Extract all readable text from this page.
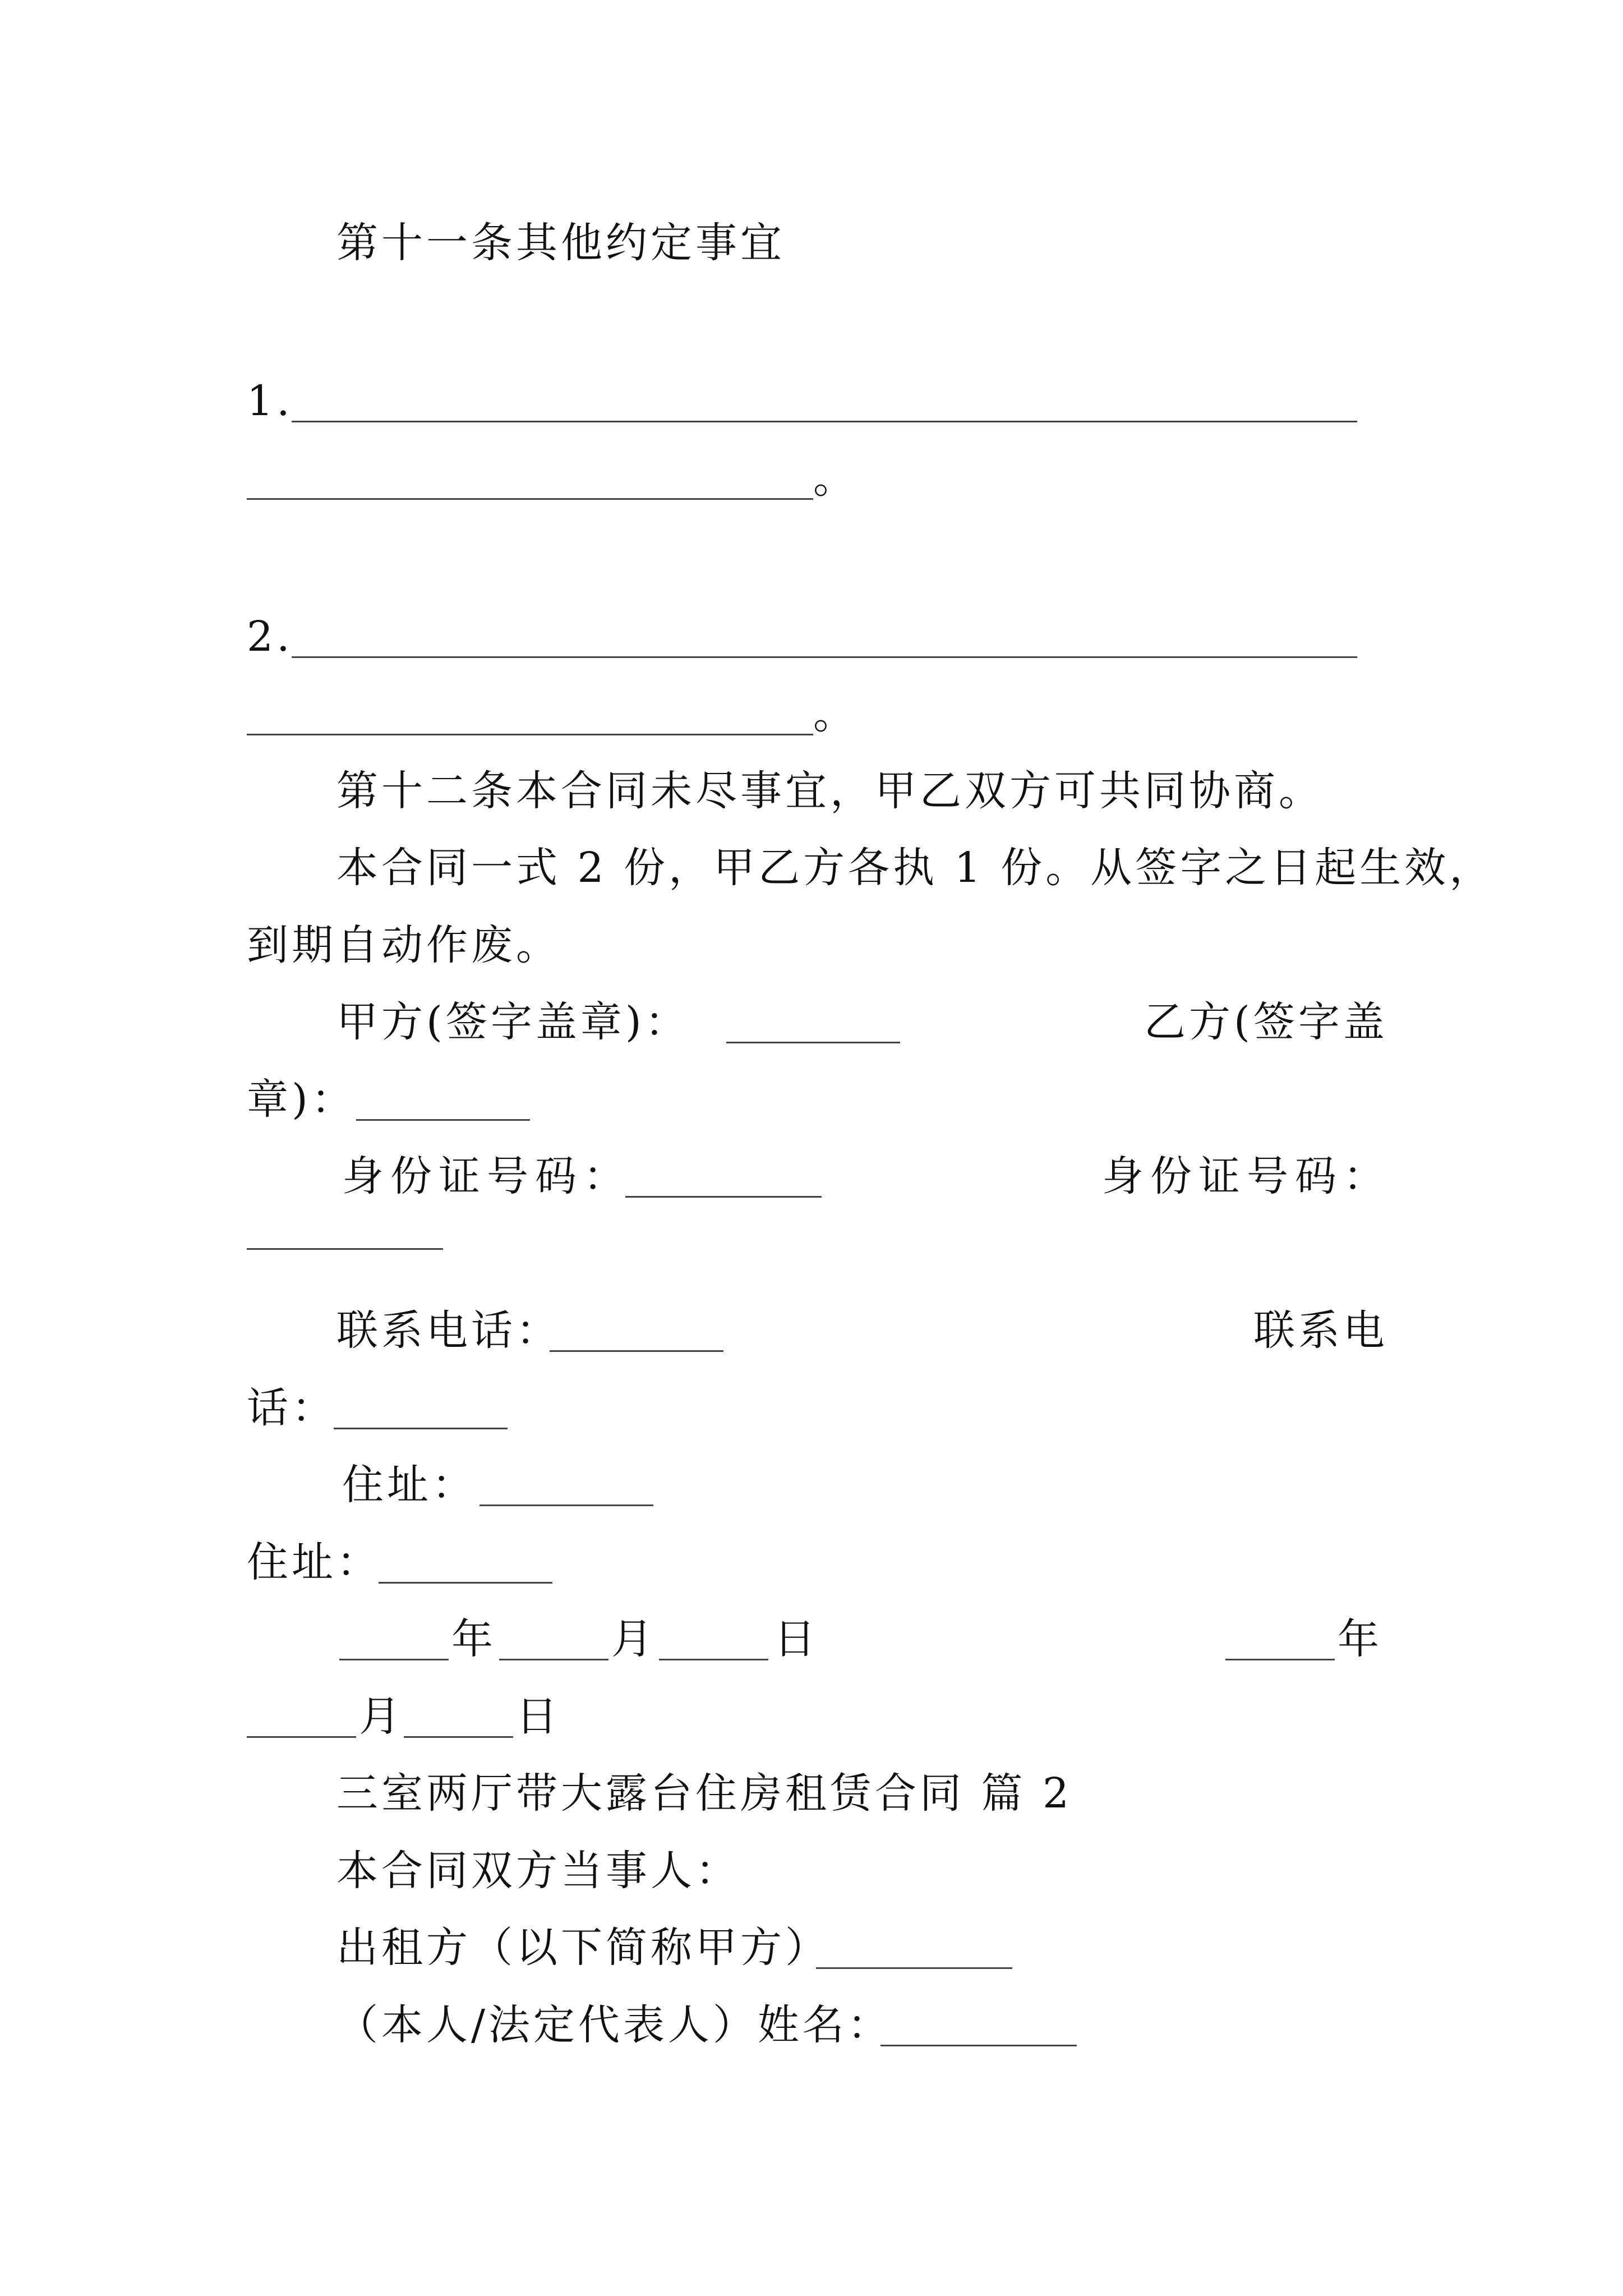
第十一条其他约定事宜

1.

。

2.

。

第十二条本合同未尽事宜，甲乙双方可共同协商。

本合同一式 2 份，甲乙方各执 1 份。从签字之日起生效，

到期自动作废。

甲方(签字盖章)：

	乙方(签字盖

章)：

身份证号码：

	身份证号码：

联系电话：

	联系电

话：

住址：

住址：

年

	月

	日

	年

月

	日

三室两厅带大露台住房租赁合同 篇 2

本合同双方当事人：

出租方（以下简称甲方）

（本人/法定代表人）姓名：
